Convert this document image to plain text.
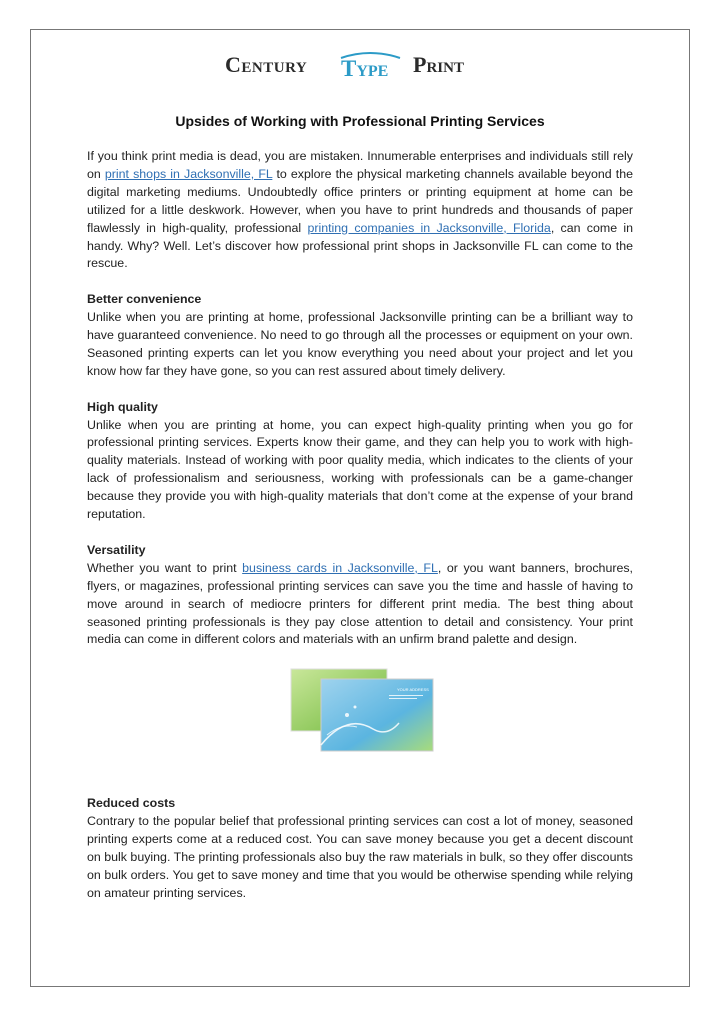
Century Type Print
Upsides of Working with Professional Printing Services

If you think print media is dead, you are mistaken. Innumerable enterprises and individuals still rely on print shops in Jacksonville, FL to explore the physical marketing channels available beyond the digital marketing mediums. Undoubtedly office printers or printing equipment at home can be utilized for a little deskwork. However, when you have to print hundreds and thousands of paper flawlessly in high-quality, professional printing companies in Jacksonville, Florida, can come in handy. Why? Well. Let’s discover how professional print shops in Jacksonville FL can come to the rescue.

Better convenience

Unlike when you are printing at home, professional Jacksonville printing can be a brilliant way to have guaranteed convenience. No need to go through all the processes or equipment on your own. Seasoned printing experts can let you know everything you need about your project and let you know how far they have gone, so you can rest assured about timely delivery.

High quality

Unlike when you are printing at home, you can expect high-quality printing when you go for professional printing services. Experts know their game, and they can help you to work with high-quality materials. Instead of working with poor quality media, which indicates to the clients of your lack of professionalism and seriousness, working with professionals can be a game-changer because they provide you with high-quality materials that don’t come at the expense of your brand reputation.

Versatility

Whether you want to print business cards in Jacksonville, FL, or you want banners, brochures, flyers, or magazines, professional printing services can save you the time and hassle of having to move around in search of mediocre printers for different print media. The best thing about seasoned printing professionals is they pay close attention to detail and consistency. Your print media can come in different colors and materials with an unfirm brand palette and design.

YOUR ADDRESS
Reduced costs

Contrary to the popular belief that professional printing services can cost a lot of money, seasoned printing experts come at a reduced cost. You can save money because you get a decent discount on bulk buying. The printing professionals also buy the raw materials in bulk, so they offer discounts on bulk orders. You get to save money and time that you would be otherwise spending while relying on amateur printing services.
